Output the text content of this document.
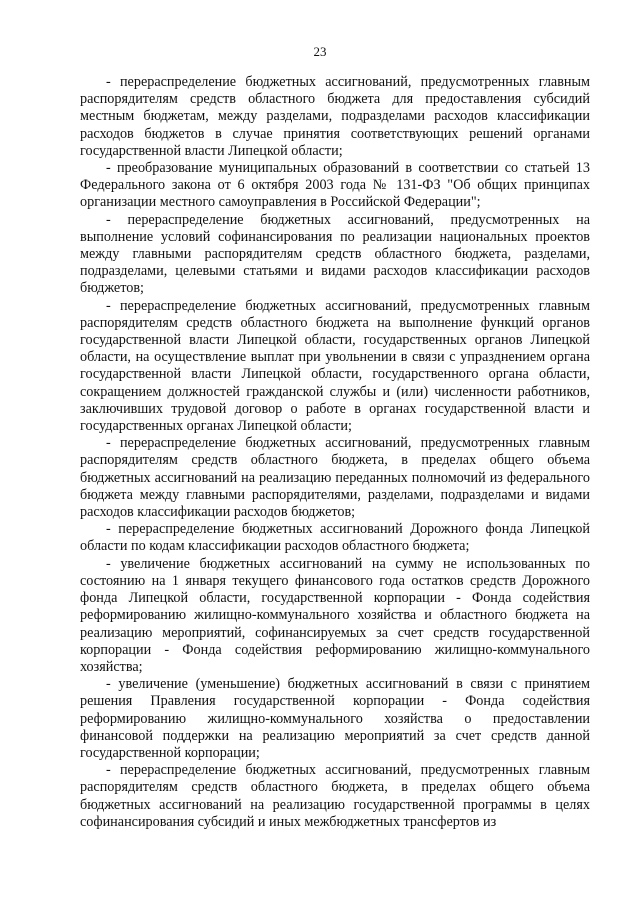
23

- перераспределение бюджетных ассигнований, предусмотренных главным распорядителям средств областного бюджета для предоставления субсидий местным бюджетам, между разделами, подразделами расходов классификации расходов бюджетов в случае принятия соответствующих решений органами государственной власти Липецкой области;

- преобразование муниципальных образований в соответствии со статьей 13 Федерального закона от 6 октября 2003 года № 131-ФЗ "Об общих принципах организации местного самоуправления в Российской Федерации";

- перераспределение бюджетных ассигнований, предусмотренных на выполнение условий софинансирования по реализации национальных проектов между главными распорядителям средств областного бюджета, разделами, подразделами, целевыми статьями и видами расходов классификации расходов бюджетов;

- перераспределение бюджетных ассигнований, предусмотренных главным распорядителям средств областного бюджета на выполнение функций органов государственной власти Липецкой области, государственных органов Липецкой области, на осуществление выплат при увольнении в связи с упразднением органа государственной власти Липецкой области, государственного органа области, сокращением должностей гражданской службы и (или) численности работников, заключивших трудовой договор о работе в органах государственной власти и государственных органах Липецкой области;

- перераспределение бюджетных ассигнований, предусмотренных главным распорядителям средств областного бюджета, в пределах общего объема бюджетных ассигнований на реализацию переданных полномочий из федерального бюджета между главными распорядителями, разделами, подразделами и видами расходов классификации расходов бюджетов;

- перераспределение бюджетных ассигнований Дорожного фонда Липецкой области по кодам классификации расходов областного бюджета;

- увеличение бюджетных ассигнований на сумму не использованных по состоянию на 1 января текущего финансового года остатков средств Дорожного фонда Липецкой области, государственной корпорации - Фонда содействия реформированию жилищно-коммунального хозяйства и областного бюджета на реализацию мероприятий, софинансируемых за счет средств государственной корпорации - Фонда содействия реформированию жилищно-коммунального хозяйства;

- увеличение (уменьшение) бюджетных ассигнований в связи с принятием решения Правления государственной корпорации - Фонда содействия реформированию жилищно-коммунального хозяйства о предоставлении финансовой поддержки на реализацию мероприятий за счет средств данной государственной корпорации;

- перераспределение бюджетных ассигнований, предусмотренных главным распорядителям средств областного бюджета, в пределах общего объема бюджетных ассигнований на реализацию государственной программы в целях софинансирования субсидий и иных межбюджетных трансфертов из
